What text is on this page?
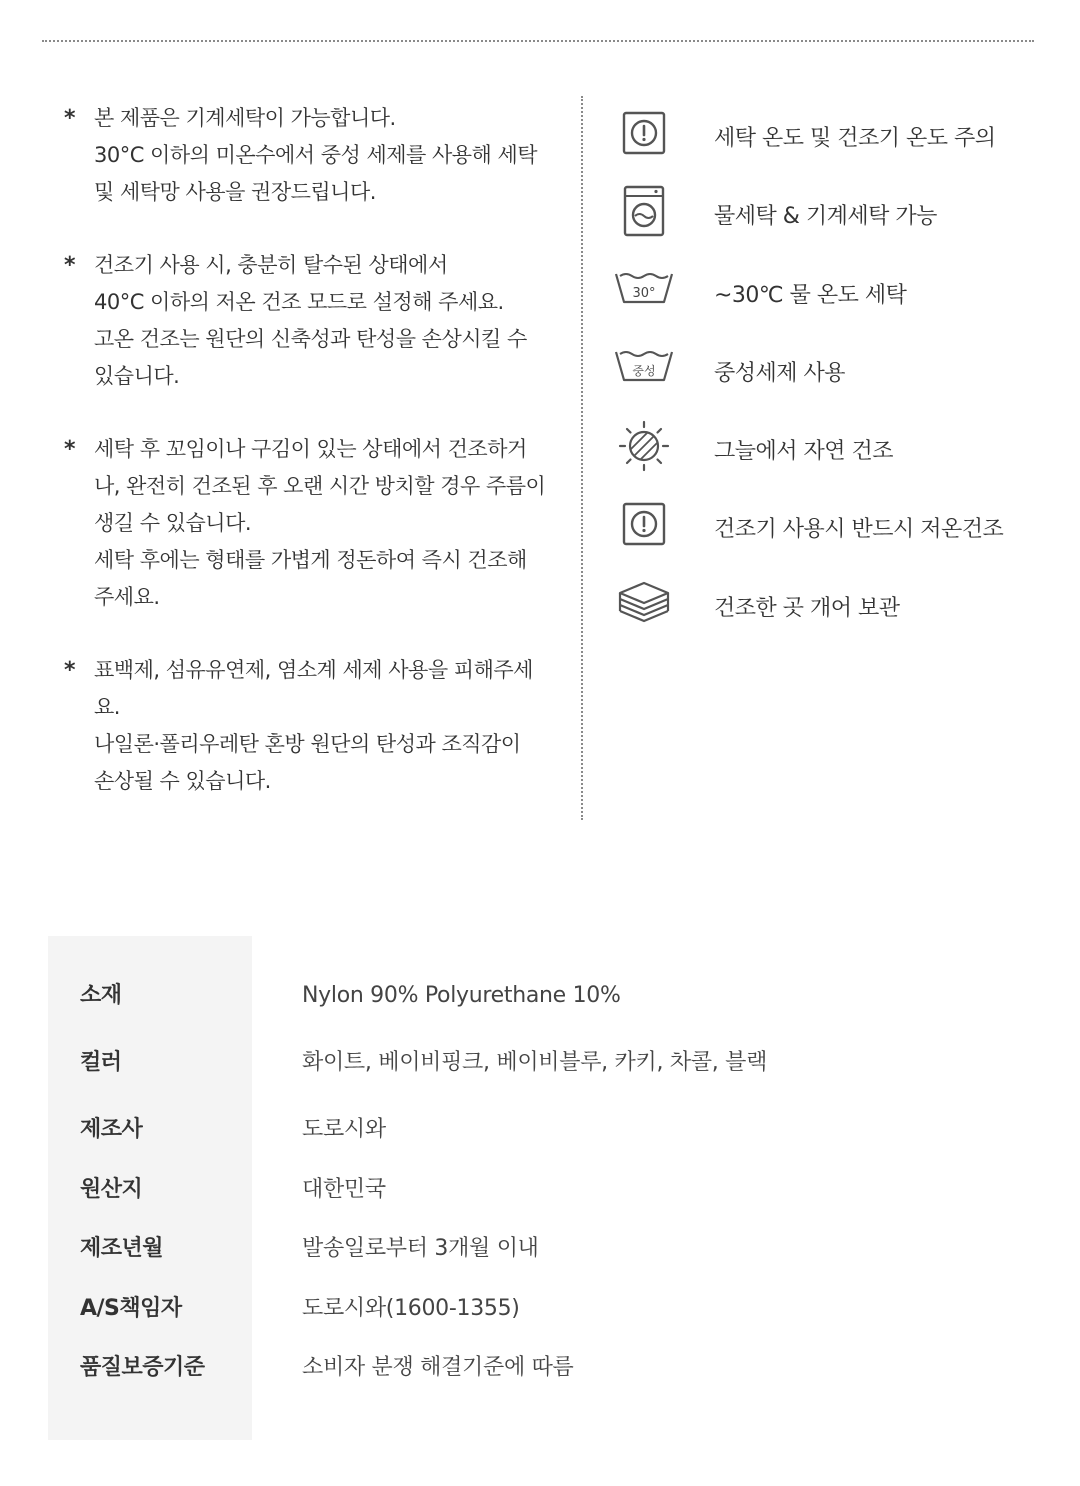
* 본 제품은 기계세탁이 가능합니다.
30°C 이하의 미온수에서 중성 세제를 사용해 세탁
및 세탁망 사용을 권장드립니다.
* 건조기 사용 시, 충분히 탈수된 상태에서
40°C 이하의 저온 건조 모드로 설정해 주세요.
고온 건조는 원단의 신축성과 탄성을 손상시킬 수
있습니다.
* 세탁 후 꼬임이나 구김이 있는 상태에서 건조하거
나, 완전히 건조된 후 오랜 시간 방치할 경우 주름이
생길 수 있습니다.
세탁 후에는 형태를 가볍게 정돈하여 즉시 건조해
주세요.
* 표백제, 섬유유연제, 염소계 세제 사용을 피해주세
요.
나일론·폴리우레탄 혼방 원단의 탄성과 조직감이
손상될 수 있습니다.
세탁 온도 및 건조기 온도 주의
물세탁 & 기계세탁 가능
30°	~30℃ 물 온도 세탁
중성	중성세제 사용
그늘에서 자연 건조
건조기 사용시 반드시 저온건조
건조한 곳 개어 보관
소재	Nylon 90% Polyurethane 10%
컬러	화이트, 베이비핑크, 베이비블루, 카키, 차콜, 블랙
제조사	도로시와
원산지	대한민국
제조년월	발송일로부터 3개월 이내
A/S책임자	도로시와(1600-1355)
품질보증기준	소비자 분쟁 해결기준에 따름
